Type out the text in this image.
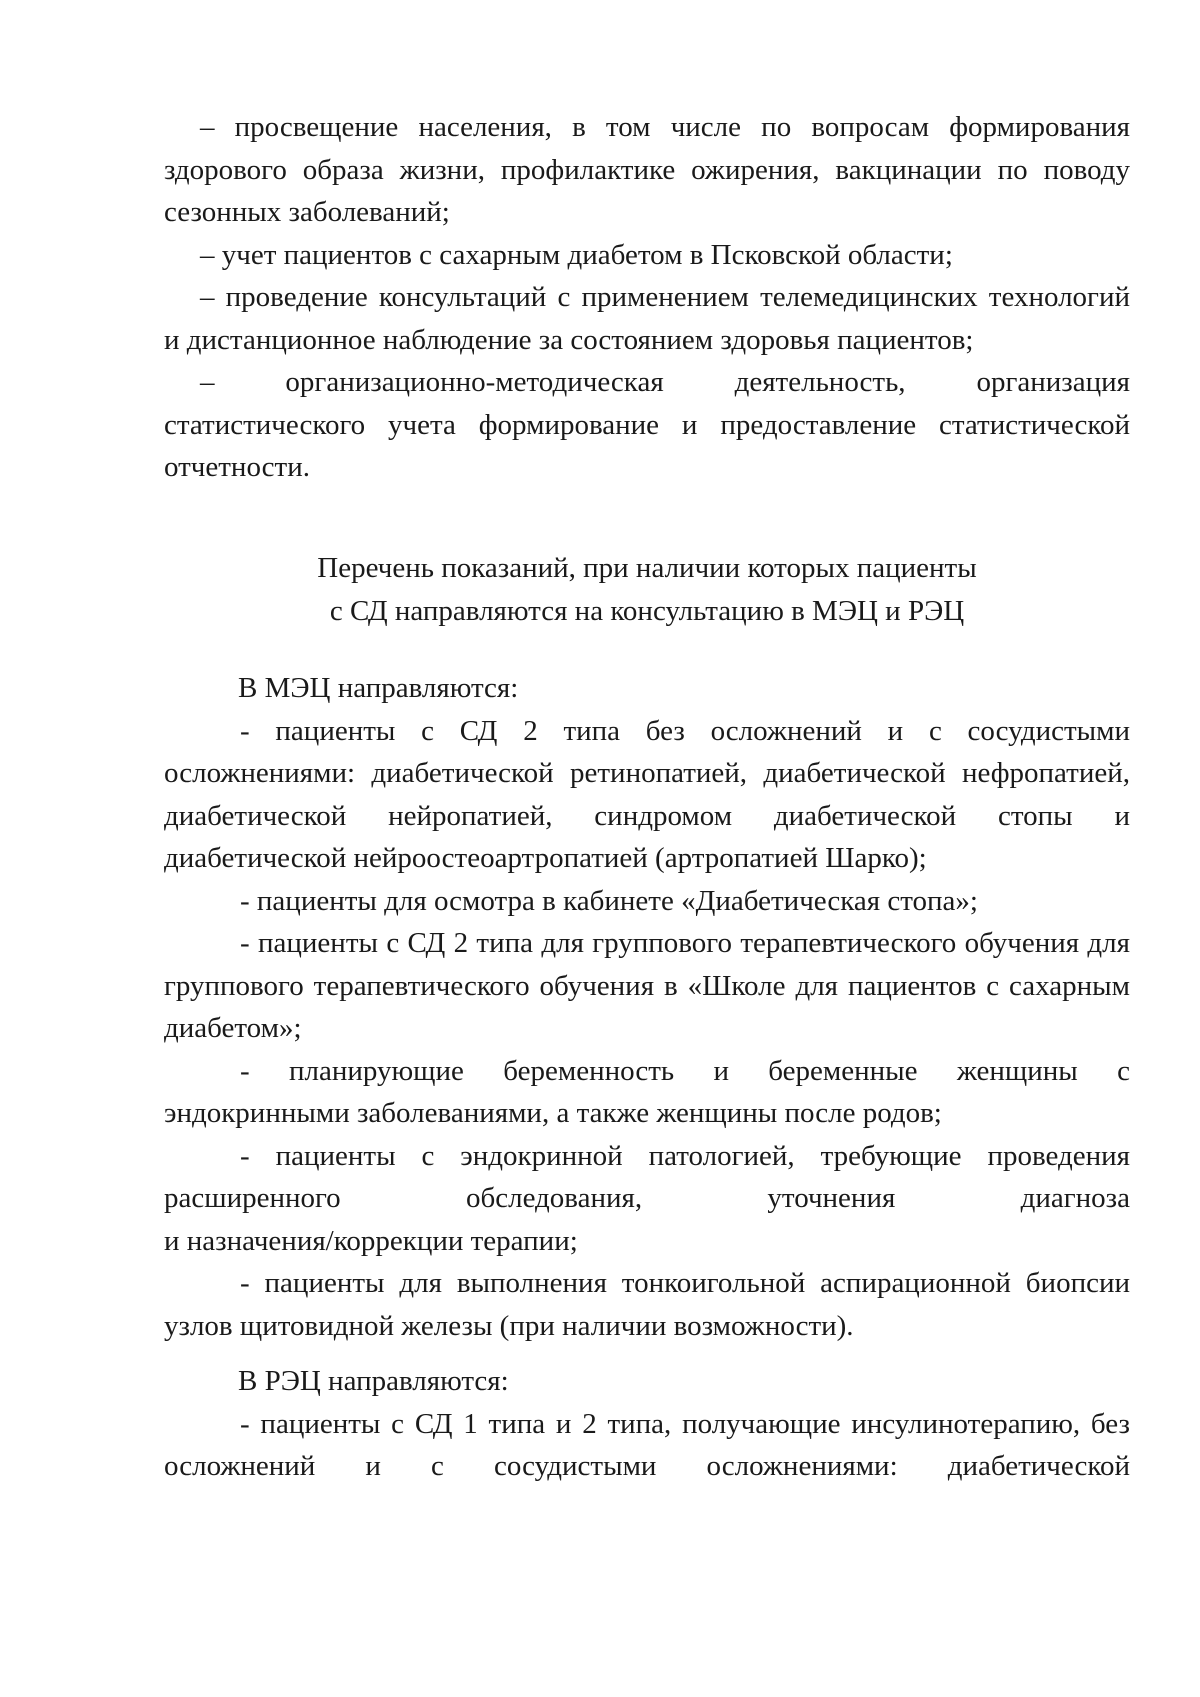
– просвещение населения, в том числе по вопросам формирования здорового образа жизни, профилактике ожирения, вакцинации по поводу сезонных заболеваний;

– учет пациентов с сахарным диабетом в Псковской области;

– проведение консультаций с применением телемедицинских технологий

и дистанционное наблюдение за состоянием здоровья пациентов;

– организационно-методическая деятельность, организация статистического учета формирование и предоставление статистической отчетности.

Перечень показаний, при наличии которых пациенты
с СД направляются на консультацию в МЭЦ и РЭЦ

В МЭЦ направляются:

- пациенты с СД 2 типа без осложнений и с сосудистыми осложнениями: диабетической ретинопатией, диабетической нефропатией, диабетической нейропатией, синдромом диабетической стопы и диабетической нейроостеоартропатией (артропатией Шарко);

- пациенты для осмотра в кабинете «Диабетическая стопа»;

- пациенты с СД 2 типа для группового терапевтического обучения для группового терапевтического обучения в «Школе для пациентов с сахарным диабетом»;

- планирующие беременность и беременные женщины с эндокринными заболеваниями, а также женщины после родов;

- пациенты с эндокринной патологией, требующие проведения расширенного обследования, уточнения диагноза

и назначения/коррекции терапии;

- пациенты для выполнения тонкоигольной аспирационной биопсии узлов щитовидной железы (при наличии возможности).

В РЭЦ направляются:

- пациенты с СД 1 типа и 2 типа, получающие инсулинотерапию, без осложнений и с сосудистыми осложнениями: диабетической
